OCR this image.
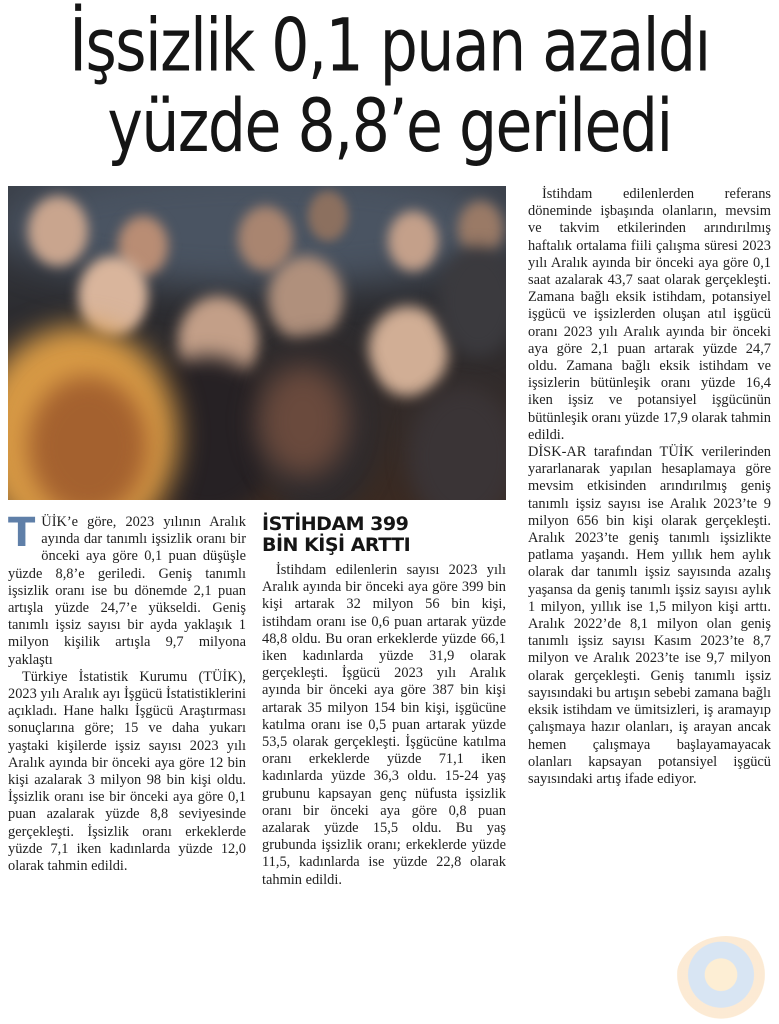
İşsizlik 0,1 puan azaldı
yüzde 8,8’e geriledi

T ÜİK’e göre, 2023 yılının Aralık ayında dar tanımlı işsizlik oranı bir önceki aya göre 0,1 puan düşüşle yüzde 8,8’e geriledi. Geniş tanımlı işsizlik oranı ise bu dönemde 2,1 puan artışla yüzde 24,7’e yükseldi. Geniş tanımlı işsiz sayısı bir ayda yaklaşık 1 milyon kişilik artışla 9,7 milyona yaklaştı

Türkiye İstatistik Kurumu (TÜİK), 2023 yılı Aralık ayı İşgücü İstatistiklerini açıkladı. Hane halkı İşgücü Araştırması sonuçlarına göre; 15 ve daha yukarı yaştaki kişilerde işsiz sayısı 2023 yılı Aralık ayında bir önceki aya göre 12 bin kişi azalarak 3 milyon 98 bin kişi oldu. İşsizlik oranı ise bir önceki aya göre 0,1 puan azalarak yüzde 8,8 seviyesinde gerçekleşti. İşsizlik oranı erkeklerde yüzde 7,1 iken kadınlarda yüzde 12,0 olarak tahmin edildi.

İSTİHDAM 399
BİN KİŞİ ARTTI

İstihdam edilenlerin sayısı 2023 yılı Aralık ayında bir önceki aya göre 399 bin kişi artarak 32 milyon 56 bin kişi, istihdam oranı ise 0,6 puan artarak yüzde 48,8 oldu. Bu oran erkeklerde yüzde 66,1 iken kadınlarda yüzde 31,9 olarak gerçekleşti. İşgücü 2023 yılı Aralık ayında bir önceki aya göre 387 bin kişi artarak 35 milyon 154 bin kişi, işgücüne katılma oranı ise 0,5 puan artarak yüzde 53,5 olarak gerçekleşti. İşgücüne katılma oranı erkeklerde yüzde 71,1 iken kadınlarda yüzde 36,3 oldu. 15-24 yaş grubunu kapsayan genç nüfusta işsizlik oranı bir önceki aya göre 0,8 puan azalarak yüzde 15,5 oldu. Bu yaş grubunda işsizlik oranı; erkeklerde yüzde 11,5, kadınlarda ise yüzde 22,8 olarak tahmin edildi.

İstihdam edilenlerden referans döneminde işbaşında olanların, mevsim ve takvim etkilerinden arındırılmış haftalık ortalama fiili çalışma süresi 2023 yılı Aralık ayında bir önceki aya göre 0,1 saat azalarak 43,7 saat olarak gerçekleşti. Zamana bağlı eksik istihdam, potansiyel işgücü ve işsizlerden oluşan atıl işgücü oranı 2023 yılı Aralık ayında bir önceki aya göre 2,1 puan artarak yüzde 24,7 oldu. Zamana bağlı eksik istihdam ve işsizlerin bütünleşik oranı yüzde 16,4 iken işsiz ve potansiyel işgücünün bütünleşik oranı yüzde 17,9 olarak tahmin edildi.

DİSK-AR tarafından TÜİK verilerinden yararlanarak yapılan hesaplamaya göre mevsim etkisinden arındırılmış geniş tanımlı işsiz sayısı ise Aralık 2023’te 9 milyon 656 bin kişi olarak gerçekleşti. Aralık 2023’te geniş tanımlı işsizlikte patlama yaşandı. Hem yıllık hem aylık olarak dar tanımlı işsiz sayısında azalış yaşansa da geniş tanımlı işsiz sayısı aylık 1 milyon, yıllık ise 1,5 milyon kişi arttı. Aralık 2022’de 8,1 milyon olan geniş tanımlı işsiz sayısı Kasım 2023’te 8,7 milyon ve Aralık 2023’te ise 9,7 milyon olarak gerçekleşti. Geniş tanımlı işsiz sayısındaki bu artışın sebebi zamana bağlı eksik istihdam ve ümitsizleri, iş aramayıp çalışmaya hazır olanları, iş arayan ancak hemen çalışmaya başlayamayacak olanları kapsayan potansiyel işgücü sayısındaki artış ifade ediyor.
